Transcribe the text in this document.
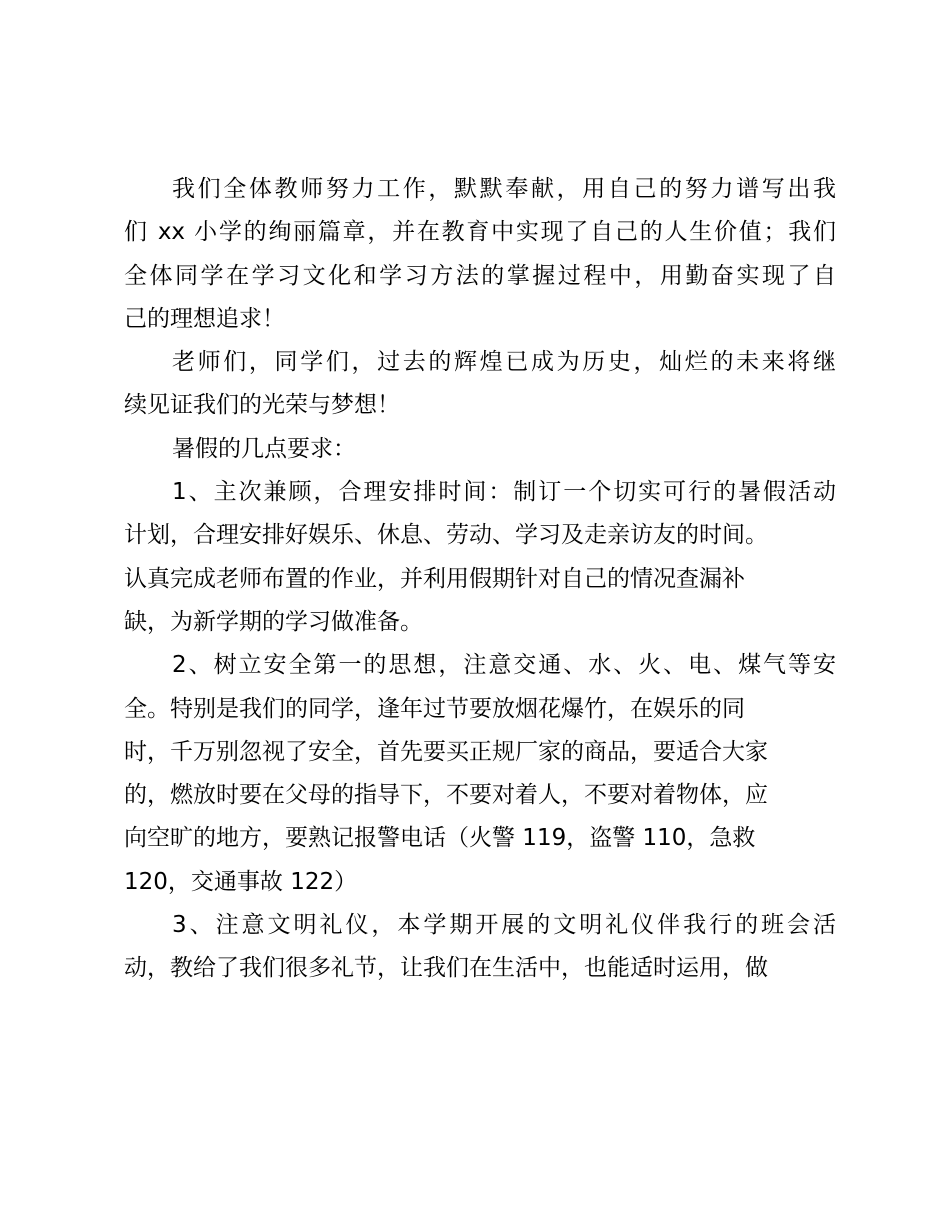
我们全体教师努力工作，默默奉献，用自己的努力谱写出我
们 xx 小学的绚丽篇章，并在教育中实现了自己的人生价值；我们
全体同学在学习文化和学习方法的掌握过程中，用勤奋实现了自
己的理想追求！
老师们，同学们，过去的辉煌已成为历史，灿烂的未来将继
续见证我们的光荣与梦想！
暑假的几点要求：
1、主次兼顾，合理安排时间：制订一个切实可行的暑假活动
计划，合理安排好娱乐、休息、劳动、学习及走亲访友的时间。
认真完成老师布置的作业，并利用假期针对自己的情况查漏补
缺，为新学期的学习做准备。
2、树立安全第一的思想，注意交通、水、火、电、煤气等安
全。特别是我们的同学，逢年过节要放烟花爆竹，在娱乐的同
时，千万别忽视了安全，首先要买正规厂家的商品，要适合大家
的，燃放时要在父母的指导下，不要对着人，不要对着物体，应
向空旷的地方，要熟记报警电话（火警 119，盗警 110，急救
120，交通事故 122）
3、注意文明礼仪，本学期开展的文明礼仪伴我行的班会活
动，教给了我们很多礼节，让我们在生活中，也能适时运用，做
